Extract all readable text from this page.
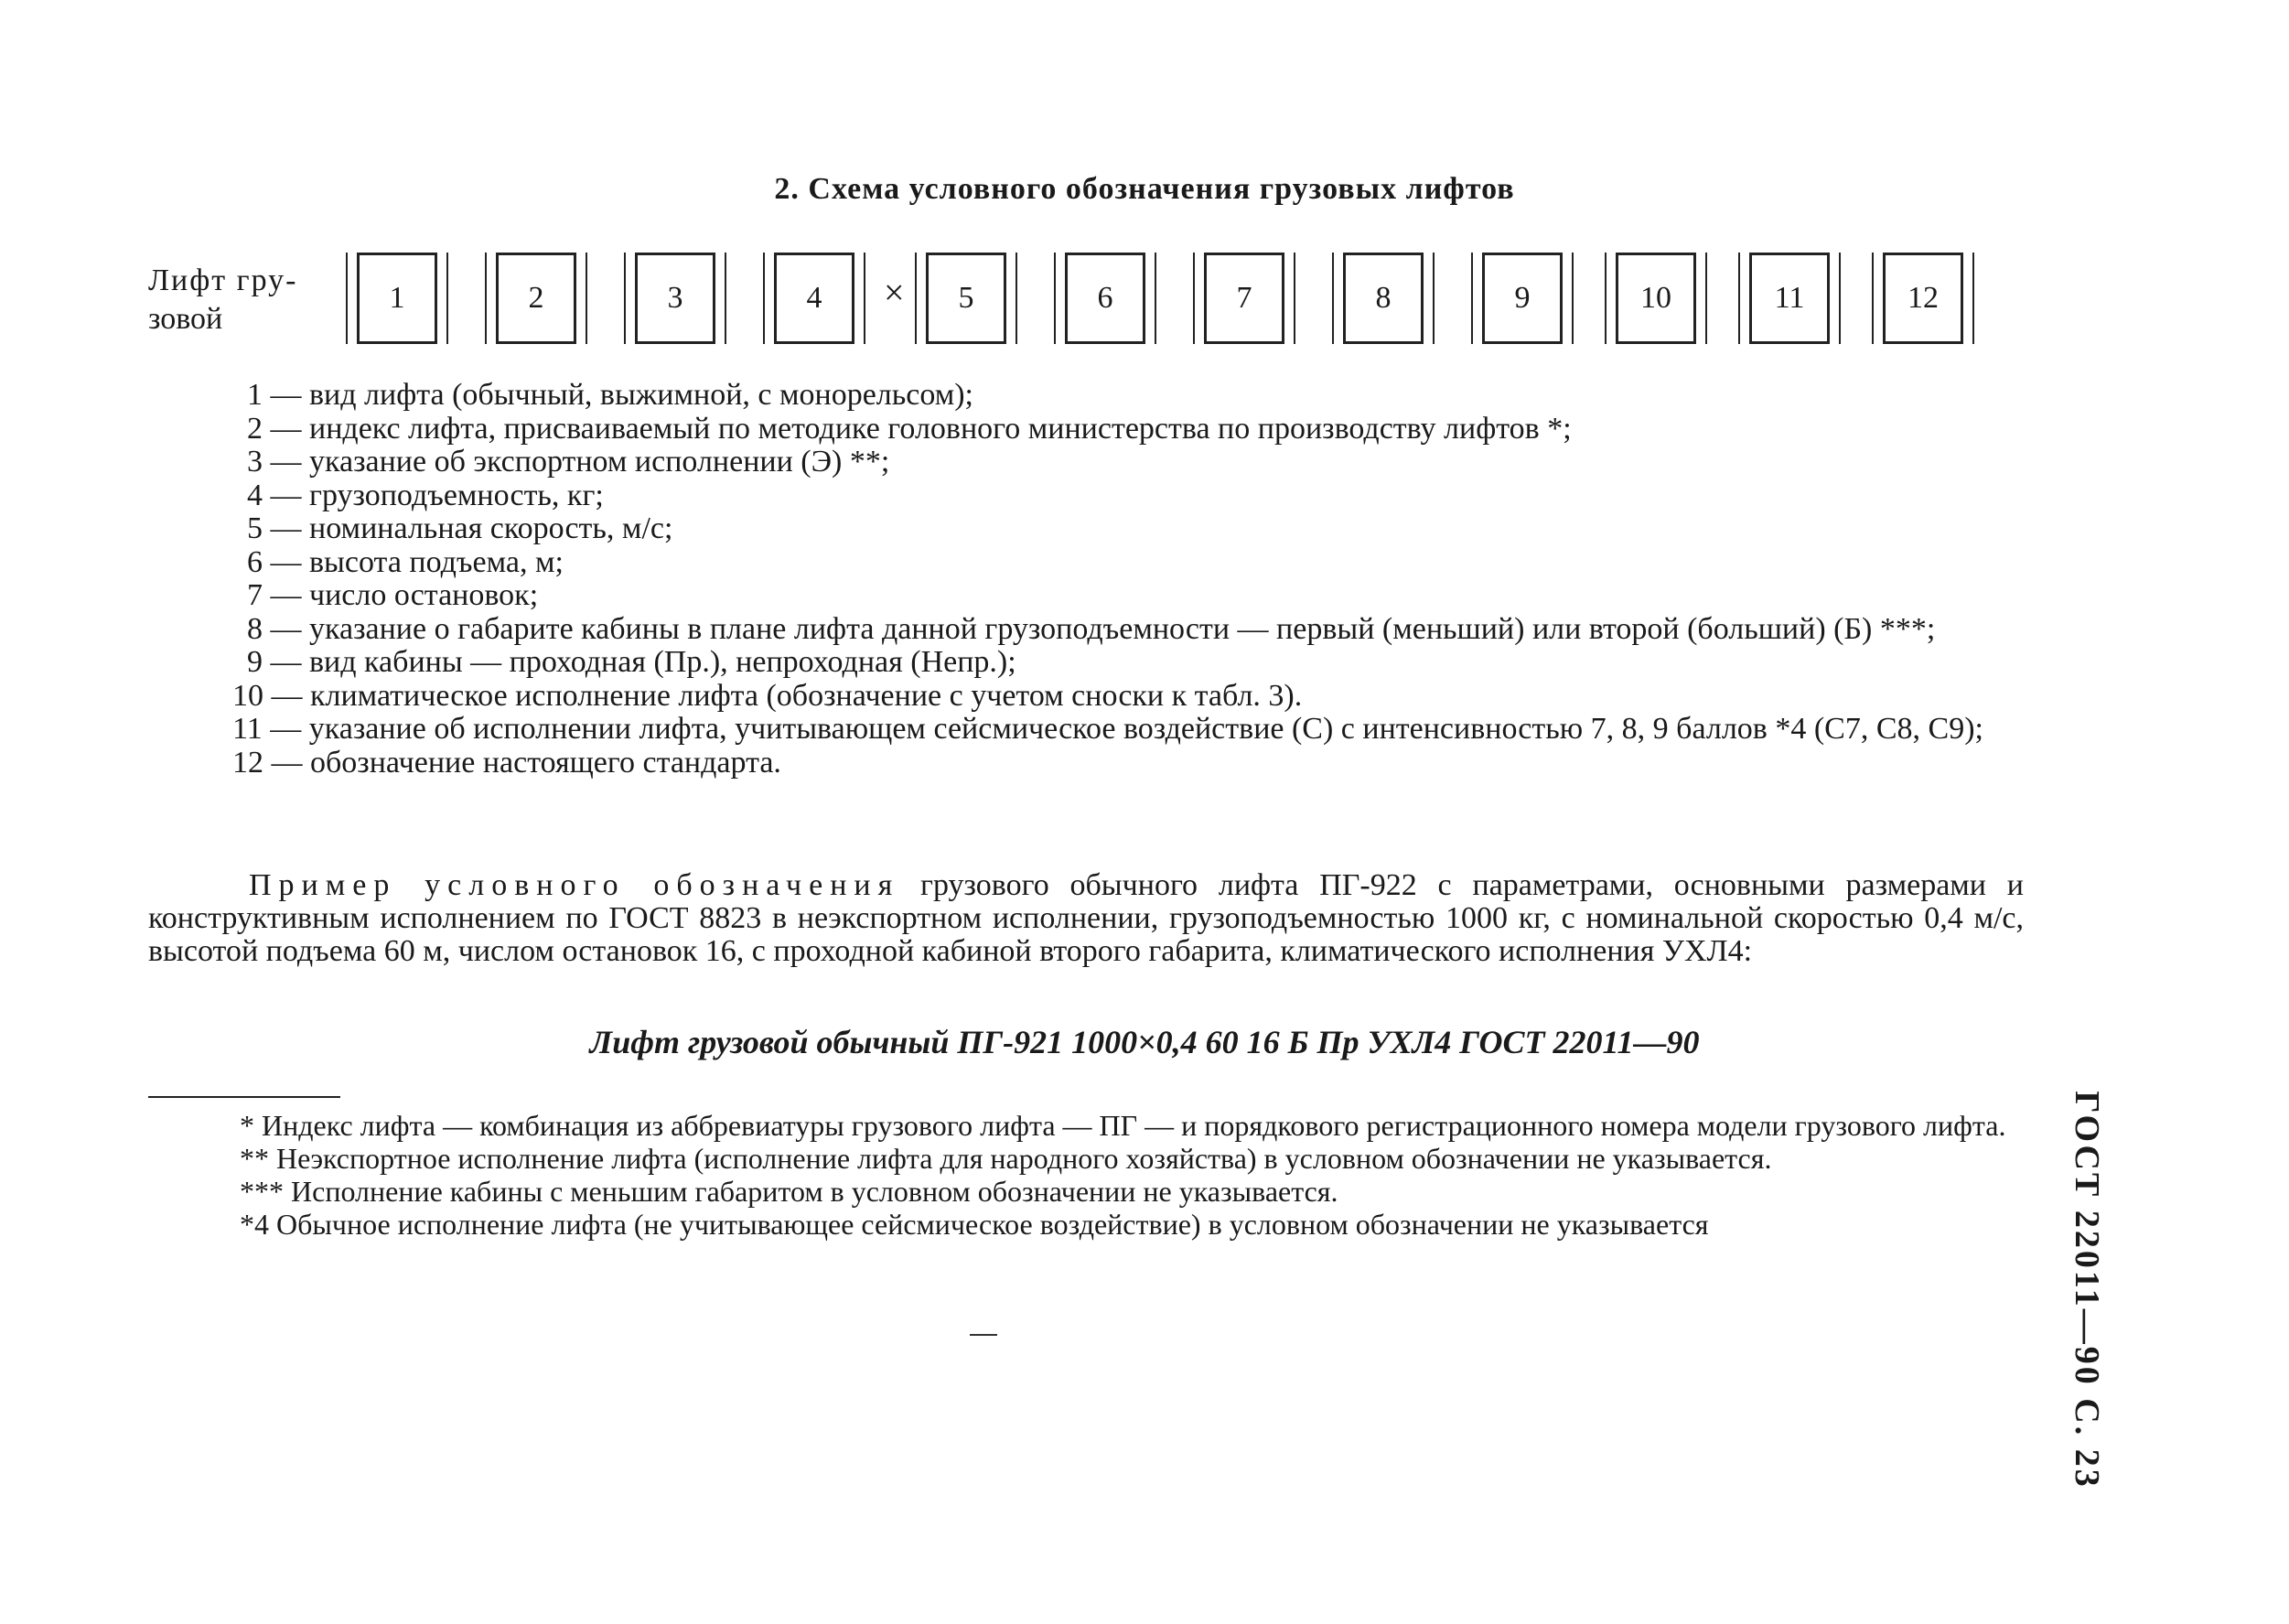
2. Схема условного обозначения грузовых лифтов
Лифт гру-
зовой
1	2	3	4	×	5	6	7	8	9	10	11	12

1 — вид лифта (обычный, выжимной, с монорельсом);

2 — индекс лифта, присваиваемый по методике головного министерства по производству лифтов *;

3 — указание об экспортном исполнении (Э) **;

4 — грузоподъемность, кг;

5 — номинальная скорость, м/с;

6 — высота подъема, м;

7 — число остановок;

8 — указание о габарите кабины в плане лифта данной грузоподъемности — первый (меньший) или второй (больший) (Б) ***;

9 — вид кабины — проходная (Пр.), непроходная (Непр.);

10 — климатическое исполнение лифта (обозначение с учетом сноски к табл. 3).

11 — указание об исполнении лифта, учитывающем сейсмическое воздействие (С) с интенсивностью 7, 8, 9 баллов *4 (С7, С8, С9);

12 — обозначение настоящего стандарта.

Пример условного обозначения грузового обычного лифта ПГ-922 с параметрами, основными размерами и конструктивным исполнением по ГОСТ 8823 в неэкспортном исполнении, грузоподъемностью 1000 кг, с номинальной скоростью 0,4 м/с, высотой подъема 60 м, числом остановок 16, с проходной кабиной второго габарита, климатического исполнения УХЛ4:

Лифт грузовой обычный ПГ-921 1000×0,4 60 16 Б Пр УХЛ4 ГОСТ 22011—90

* Индекс лифта — комбинация из аббревиатуры грузового лифта — ПГ — и порядкового регистрационного номера модели грузового лифта.

** Неэкспортное исполнение лифта (исполнение лифта для народного хозяйства) в условном обозначении не указывается.

*** Исполнение кабины с меньшим габаритом в условном обозначении не указывается.

*4 Обычное исполнение лифта (не учитывающее сейсмическое воздействие) в условном обозначении не указывается	ГОСТ 22011—90 С. 23
